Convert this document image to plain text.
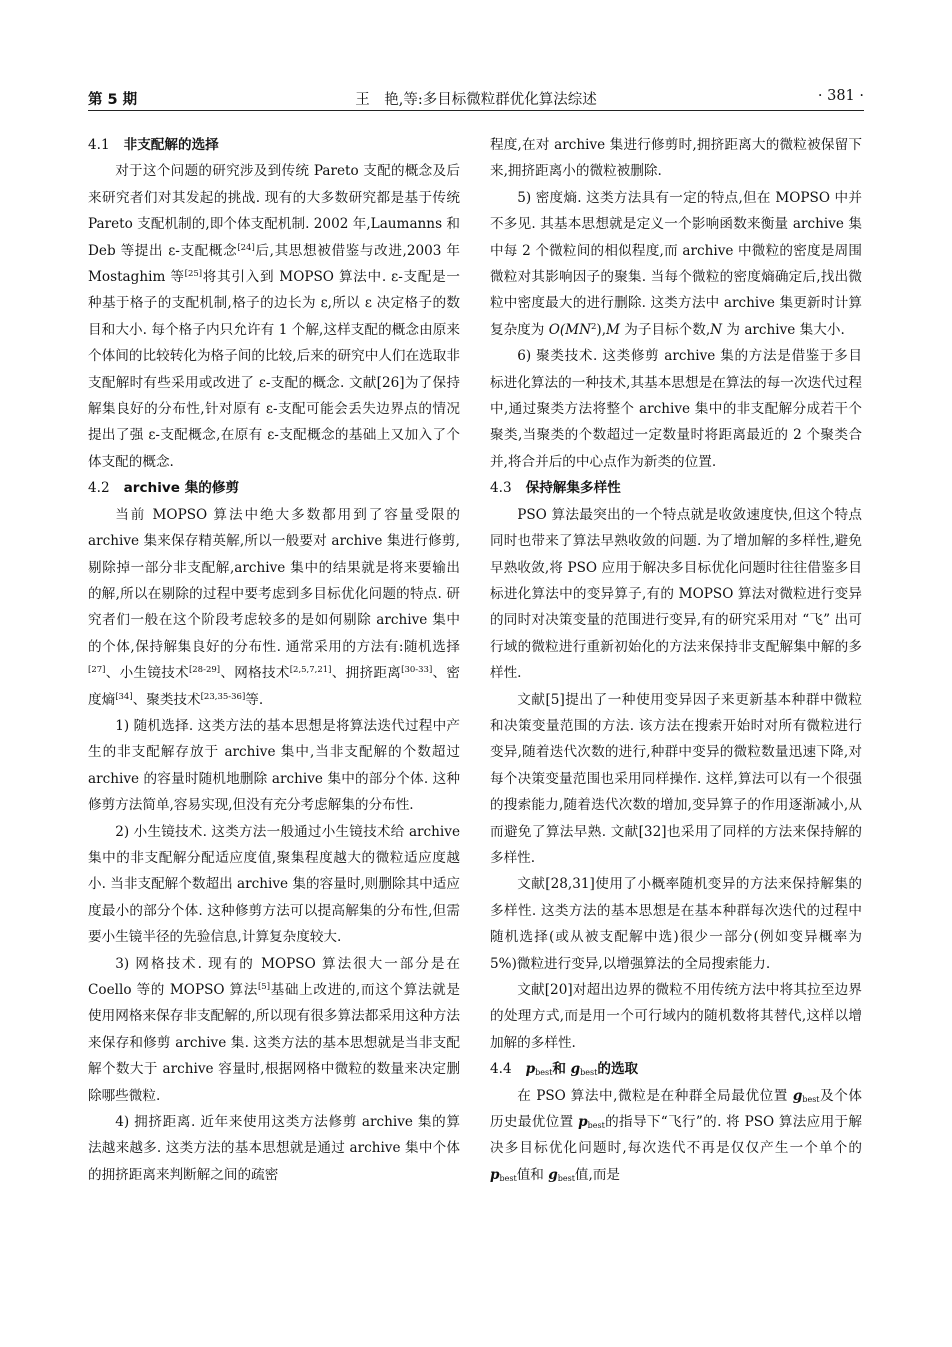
第 5 期	王　艳,等:多目标微粒群优化算法综述	· 381 ·
4.1 非支配解的选择

对于这个问题的研究涉及到传统 Pareto 支配的概念及后来研究者们对其发起的挑战. 现有的大多数研究都是基于传统 Pareto 支配机制的,即个体支配机制. 2002 年,Laumanns 和 Deb 等提出 ε-支配概念[24]后,其思想被借鉴与改进,2003 年 Mostaghim 等[25]将其引入到 MOPSO 算法中. ε-支配是一种基于格子的支配机制,格子的边长为 ε,所以 ε 决定格子的数目和大小. 每个格子内只允许有 1 个解,这样支配的概念由原来个体间的比较转化为格子间的比较,后来的研究中人们在选取非支配解时有些采用或改进了 ε-支配的概念. 文献[26]为了保持解集良好的分布性,针对原有 ε-支配可能会丢失边界点的情况提出了强 ε-支配概念,在原有 ε-支配概念的基础上又加入了个体支配的概念.

4.2 archive 集的修剪

当前 MOPSO 算法中绝大多数都用到了容量受限的 archive 集来保存精英解,所以一般要对 archive 集进行修剪,剔除掉一部分非支配解,archive 集中的结果就是将来要输出的解,所以在剔除的过程中要考虑到多目标优化问题的特点. 研究者们一般在这个阶段考虑较多的是如何剔除 archive 集中的个体,保持解集良好的分布性. 通常采用的方法有:随机选择[27]、小生镜技术[28-29]、网格技术[2,5,7,21]、拥挤距离[30-33]、密度熵[34]、聚类技术[23,35-36]等.

1) 随机选择. 这类方法的基本思想是将算法迭代过程中产生的非支配解存放于 archive 集中,当非支配解的个数超过 archive 的容量时随机地删除 archive 集中的部分个体. 这种修剪方法简单,容易实现,但没有充分考虑解集的分布性.

2) 小生镜技术. 这类方法一般通过小生镜技术给 archive 集中的非支配解分配适应度值,聚集程度越大的微粒适应度越小. 当非支配解个数超出 archive 集的容量时,则删除其中适应度最小的部分个体. 这种修剪方法可以提高解集的分布性,但需要小生镜半径的先验信息,计算复杂度较大.

3) 网格技术. 现有的 MOPSO 算法很大一部分是在 Coello 等的 MOPSO 算法[5]基础上改进的,而这个算法就是使用网格来保存非支配解的,所以现有很多算法都采用这种方法来保存和修剪 archive 集. 这类方法的基本思想就是当非支配解个数大于 archive 容量时,根据网格中微粒的数量来决定删除哪些微粒.

4) 拥挤距离. 近年来使用这类方法修剪 archive 集的算法越来越多. 这类方法的基本思想就是通过 archive 集中个体的拥挤距离来判断解之间的疏密

程度,在对 archive 集进行修剪时,拥挤距离大的微粒被保留下来,拥挤距离小的微粒被删除.

5) 密度熵. 这类方法具有一定的特点,但在 MOPSO 中并不多见. 其基本思想就是定义一个影响函数来衡量 archive 集中每 2 个微粒间的相似程度,而 archive 中微粒的密度是周围微粒对其影响因子的聚集. 当每个微粒的密度熵确定后,找出微粒中密度最大的进行删除. 这类方法中 archive 集更新时计算复杂度为 $O(MN^2),M$ 为子目标个数,N 为 archive 集大小.

6) 聚类技术. 这类修剪 archive 集的方法是借鉴于多目标进化算法的一种技术,其基本思想是在算法的每一次迭代过程中,通过聚类方法将整个 archive 集中的非支配解分成若干个聚类,当聚类的个数超过一定数量时将距离最近的 2 个聚类合并,将合并后的中心点作为新类的位置.

4.3 保持解集多样性

PSO 算法最突出的一个特点就是收敛速度快,但这个特点同时也带来了算法早熟收敛的问题. 为了增加解的多样性,避免早熟收敛,将 PSO 应用于解决多目标优化问题时往往借鉴多目标进化算法中的变异算子,有的 MOPSO 算法对微粒进行变异的同时对决策变量的范围进行变异,有的研究采用对 “飞” 出可行域的微粒进行重新初始化的方法来保持非支配解集中解的多样性.

文献[5]提出了一种使用变异因子来更新基本种群中微粒和决策变量范围的方法. 该方法在搜索开始时对所有微粒进行变异,随着迭代次数的进行,种群中变异的微粒数量迅速下降,对每个决策变量范围也采用同样操作. 这样,算法可以有一个很强的搜索能力,随着迭代次数的增加,变异算子的作用逐渐减小,从而避免了算法早熟. 文献[32]也采用了同样的方法来保持解的多样性.

文献[28,31]使用了小概率随机变异的方法来保持解集的多样性. 这类方法的基本思想是在基本种群每次迭代的过程中随机选择(或从被支配解中选)很少一部分(例如变异概率为 5%)微粒进行变异,以增强算法的全局搜索能力.

文献[20]对超出边界的微粒不用传统方法中将其拉至边界的处理方式,而是用一个可行域内的随机数将其替代,这样以增加解的多样性.

4.4 $p_{best}$和 $g_{best}$的选取

在 PSO 算法中,微粒是在种群全局最优位置 $g_{best}$及个体历史最优位置 $p_{best}$的指导下“飞行”的. 将 PSO 算法应用于解决多目标优化问题时,每次迭代不再是仅仅产生一个单个的 $p_{best}$值和 $g_{best}$值,而是
